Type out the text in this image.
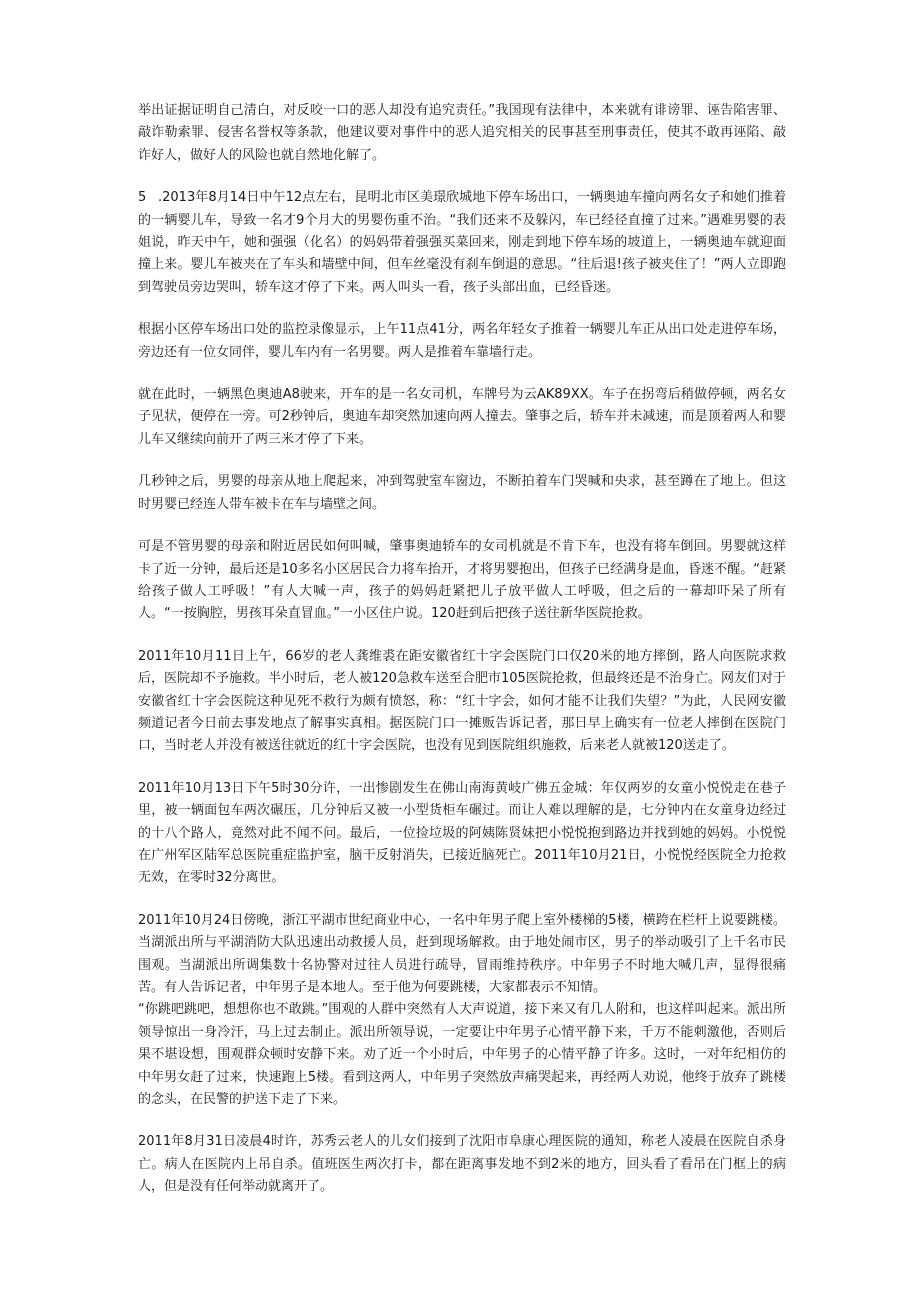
举出证据证明自己清白，对反咬一口的恶人却没有追究责任。”我国现有法律中，本来就有诽谤罪、诬告陷害罪、敲诈勒索罪、侵害名誉权等条款，他建议要对事件中的恶人追究相关的民事甚至刑事责任，使其不敢再诬陷、敲诈好人，做好人的风险也就自然地化解了。

5 .2013年8月14日中午12点左右，昆明北市区美璟欣城地下停车场出口，一辆奥迪车撞向两名女子和她们推着的一辆婴儿车，导致一名才9个月大的男婴伤重不治。“我们还来不及躲闪，车已经径直撞了过来。”遇难男婴的表姐说，昨天中午，她和强强（化名）的妈妈带着强强买菜回来，刚走到地下停车场的坡道上，一辆奥迪车就迎面撞上来。婴儿车被夹在了车头和墙壁中间，但车丝毫没有刹车倒退的意思。“往后退!孩子被夹住了！”两人立即跑到驾驶员旁边哭叫，轿车这才停了下来。两人叫头一看，孩子头部出血，已经昏迷。

根据小区停车场出口处的监控录像显示，上午11点41分，两名年轻女子推着一辆婴儿车正从出口处走进停车场，旁边还有一位女同伴，婴儿车内有一名男婴。两人是推着车靠墙行走。

就在此时，一辆黑色奥迪A8驶来，开车的是一名女司机，车牌号为云AK89XX。车子在拐弯后稍做停顿，两名女子见状，便停在一旁。可2秒钟后，奥迪车却突然加速向两人撞去。肇事之后，轿车并未减速，而是顶着两人和婴儿车又继续向前开了两三米才停了下来。

几秒钟之后，男婴的母亲从地上爬起来，冲到驾驶室车窗边，不断拍着车门哭喊和央求，甚至蹲在了地上。但这时男婴已经连人带车被卡在车与墙壁之间。

可是不管男婴的母亲和附近居民如何叫喊，肇事奥迪轿车的女司机就是不肯下车，也没有将车倒回。男婴就这样卡了近一分钟，最后还是10多名小区居民合力将车抬开，才将男婴抱出，但孩子已经满身是血，昏迷不醒。“赶紧给孩子做人工呼吸！”有人大喊一声，孩子的妈妈赶紧把儿子放平做人工呼吸，但之后的一幕却吓呆了所有人。“一按胸腔，男孩耳朵直冒血。”一小区住户说。120赶到后把孩子送往新华医院抢救。

2011年10月11日上午，66岁的老人龚维裘在距安徽省红十字会医院门口仅20米的地方摔倒，路人向医院求救后，医院却不予施救。半小时后，老人被120急救车送至合肥市105医院抢救，但最终还是不治身亡。网友们对于安徽省红十字会医院这种见死不救行为颇有愤怒，称：“红十字会，如何才能不让我们失望？”为此，人民网安徽频道记者今日前去事发地点了解事实真相。据医院门口一摊贩告诉记者，那日早上确实有一位老人摔倒在医院门口，当时老人并没有被送往就近的红十字会医院，也没有见到医院组织施救，后来老人就被120送走了。

2011年10月13日下午5时30分许，一出惨剧发生在佛山南海黄岐广佛五金城：年仅两岁的女童小悦悦走在巷子里，被一辆面包车两次碾压，几分钟后又被一小型货柜车碾过。而让人难以理解的是，七分钟内在女童身边经过的十八个路人，竟然对此不闻不问。最后，一位捡垃圾的阿姨陈贤妹把小悦悦抱到路边并找到她的妈妈。小悦悦在广州军区陆军总医院重症监护室，脑干反射消失，已接近脑死亡。2011年10月21日，小悦悦经医院全力抢救无效，在零时32分离世。

2011年10月24日傍晚，浙江平湖市世纪商业中心，一名中年男子爬上室外楼梯的5楼，横跨在栏杆上说要跳楼。当湖派出所与平湖消防大队迅速出动救援人员，赶到现场解救。由于地处闹市区，男子的举动吸引了上千名市民围观。当湖派出所调集数十名协警对过往人员进行疏导，冒雨维持秩序。中年男子不时地大喊几声，显得很痛苦。有人告诉记者，中年男子是本地人。至于他为何要跳楼，大家都表示不知情。

“你跳吧跳吧，想想你也不敢跳。”围观的人群中突然有人大声说道，接下来又有几人附和，也这样叫起来。派出所领导惊出一身冷汗，马上过去制止。派出所领导说，一定要让中年男子心情平静下来，千万不能刺激他，否则后果不堪设想，围观群众顿时安静下来。劝了近一个小时后，中年男子的心情平静了许多。这时，一对年纪相仿的中年男女赶了过来，快速跑上5楼。看到这两人，中年男子突然放声痛哭起来，再经两人劝说，他终于放弃了跳楼的念头，在民警的护送下走了下来。

2011年8月31日凌晨4时许，苏秀云老人的儿女们接到了沈阳市阜康心理医院的通知，称老人凌晨在医院自杀身亡。病人在医院内上吊自杀。值班医生两次打卡，都在距离事发地不到2米的地方，回头看了看吊在门框上的病人，但是没有任何举动就离开了。
